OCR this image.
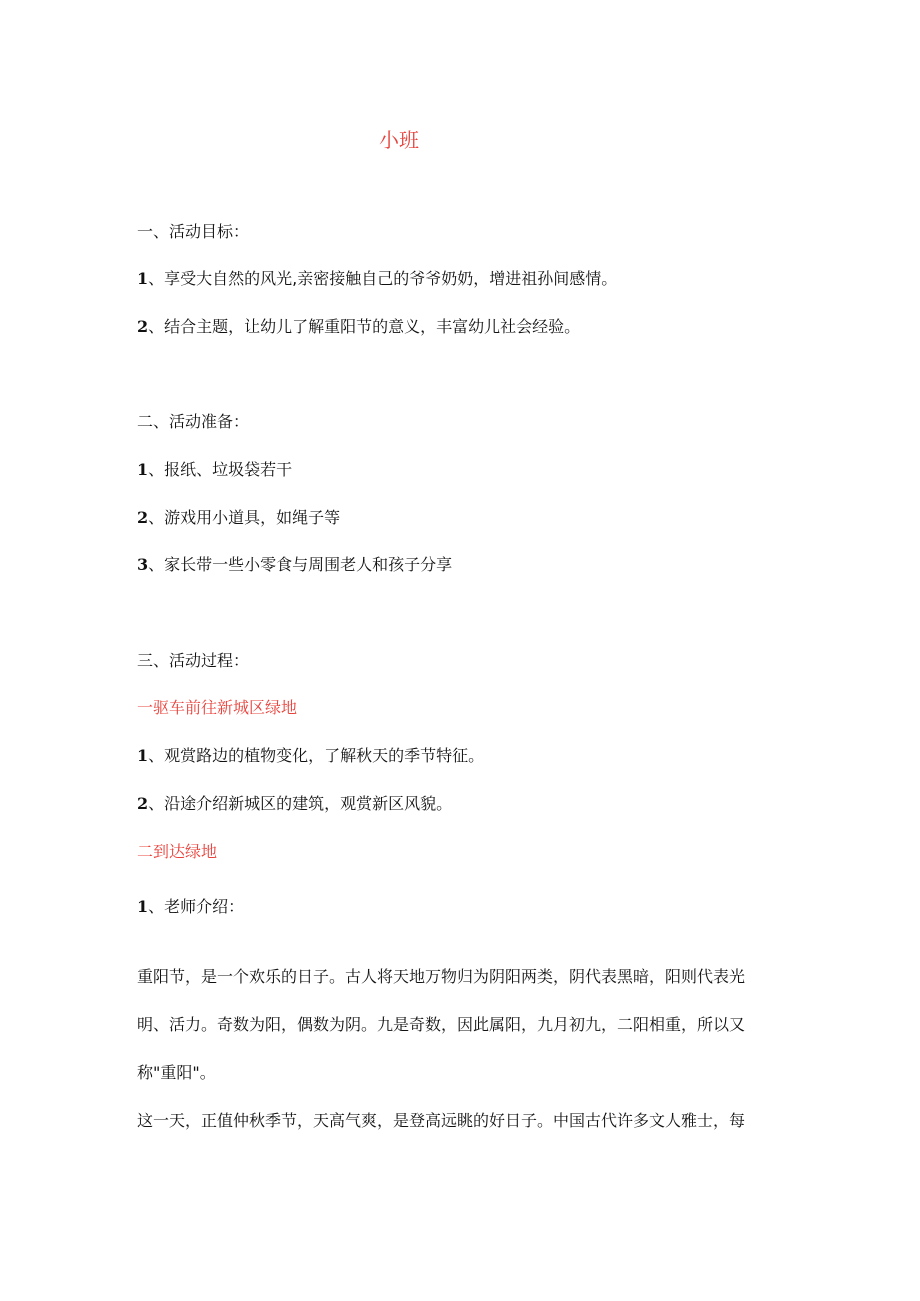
小班
一、活动目标：
1、享受大自然的风光,亲密接触自己的爷爷奶奶，增进祖孙间感情。
2、结合主题，让幼儿了解重阳节的意义，丰富幼儿社会经验。
二、活动准备：
1、报纸、垃圾袋若干
2、游戏用小道具，如绳子等
3、家长带一些小零食与周围老人和孩子分享
三、活动过程：
一驱车前往新城区绿地
1、观赏路边的植物变化，了解秋天的季节特征。
2、沿途介绍新城区的建筑，观赏新区风貌。
二到达绿地
1、老师介绍：
重阳节，是一个欢乐的日子。古人将天地万物归为阴阳两类，阴代表黑暗，阳则代表光
明、活力。奇数为阳，偶数为阴。九是奇数，因此属阳，九月初九，二阳相重，所以又
称"重阳"。
这一天，正值仲秋季节，天高气爽，是登高远眺的好日子。中国古代许多文人雅士，每
